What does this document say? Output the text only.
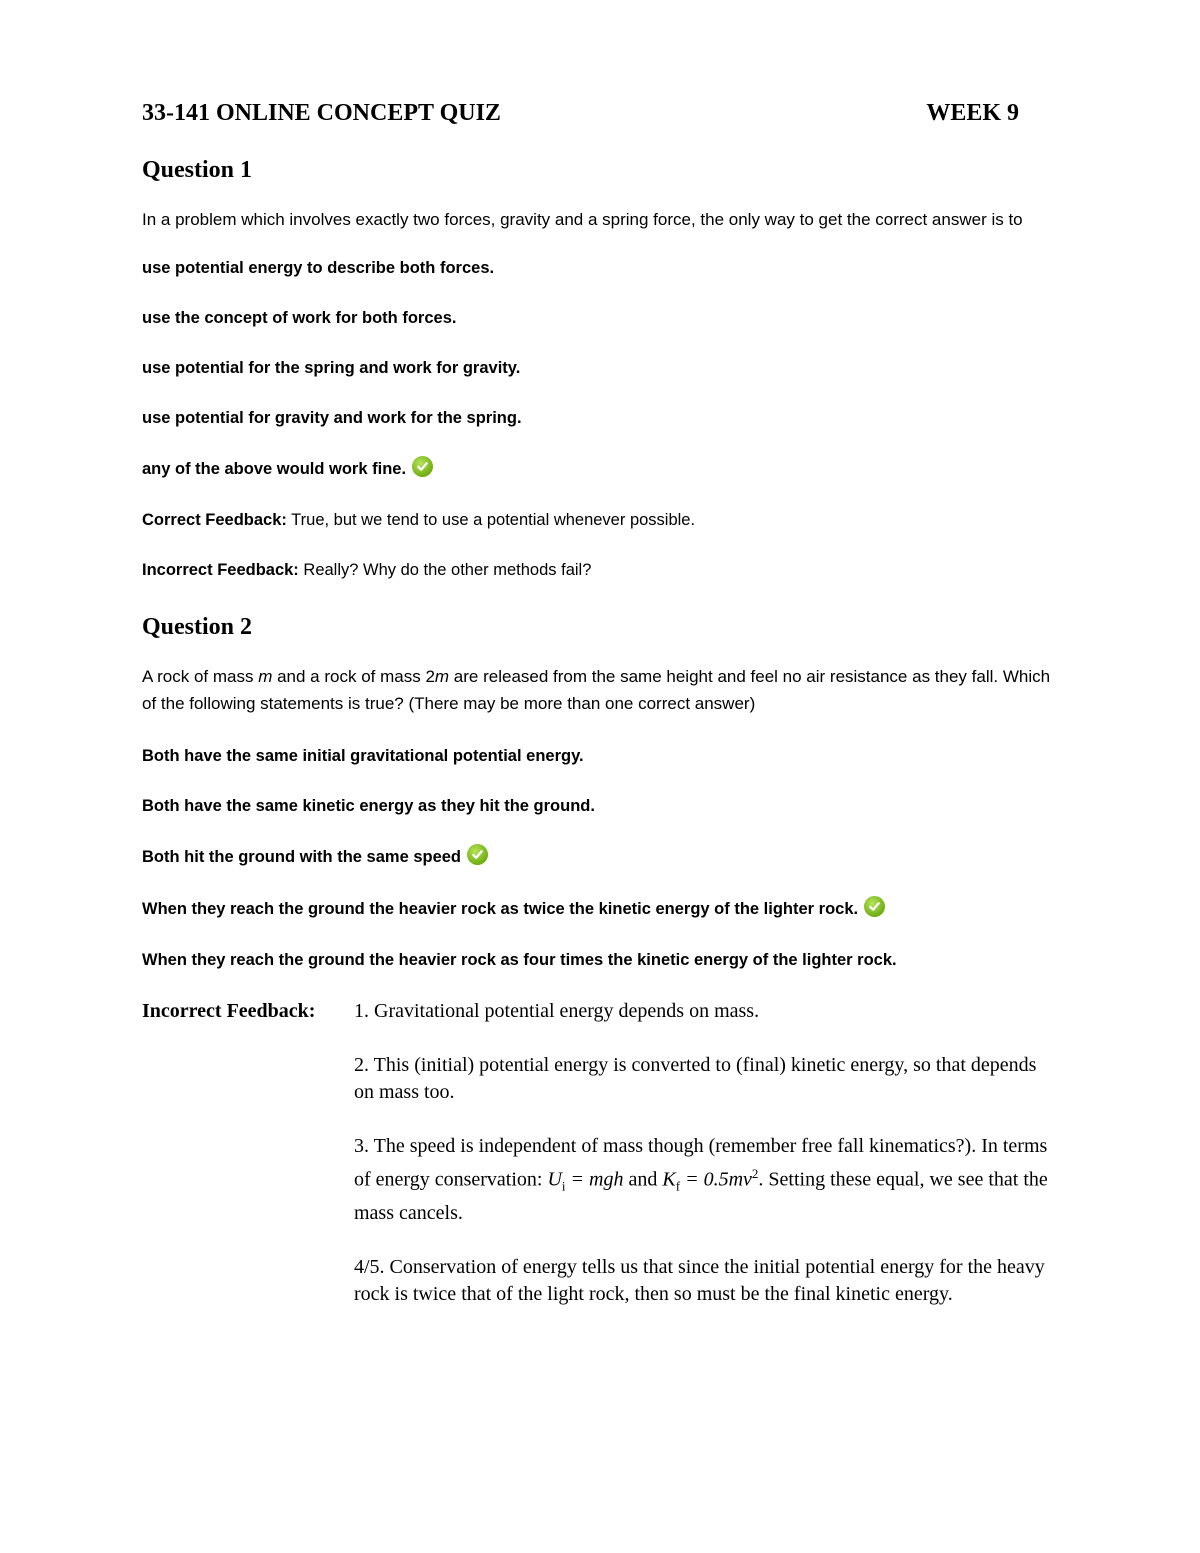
33-141 ONLINE CONCEPT QUIZ	WEEK 9
Question 1
In a problem which involves exactly two forces, gravity and a spring force, the only way to get the correct answer is to
use potential energy to describe both forces.
use the concept of work for both forces.
use potential for the spring and work for gravity.
use potential for gravity and work for the spring.
any of the above would work fine.
Correct Feedback: True, but we tend to use a potential whenever possible.
Incorrect Feedback: Really? Why do the other methods fail?
Question 2
A rock of mass m and a rock of mass 2m are released from the same height and feel no air resistance as they fall. Which of the following statements is true? (There may be more than one correct answer)
Both have the same initial gravitational potential energy.
Both have the same kinetic energy as they hit the ground.
Both hit the ground with the same speed
When they reach the ground the heavier rock as twice the kinetic energy of the lighter rock.
When they reach the ground the heavier rock as four times the kinetic energy of the lighter rock.
Incorrect Feedback: 1. Gravitational potential energy depends on mass.
2. This (initial) potential energy is converted to (final) kinetic energy, so that depends on mass too.
3. The speed is independent of mass though (remember free fall kinematics?). In terms of energy conservation: $U_i$ = mgh and $K_f = 0.5mv^2$. Setting these equal, we see that the mass cancels.
4/5. Conservation of energy tells us that since the initial potential energy for the heavy rock is twice that of the light rock, then so must be the final kinetic energy.
